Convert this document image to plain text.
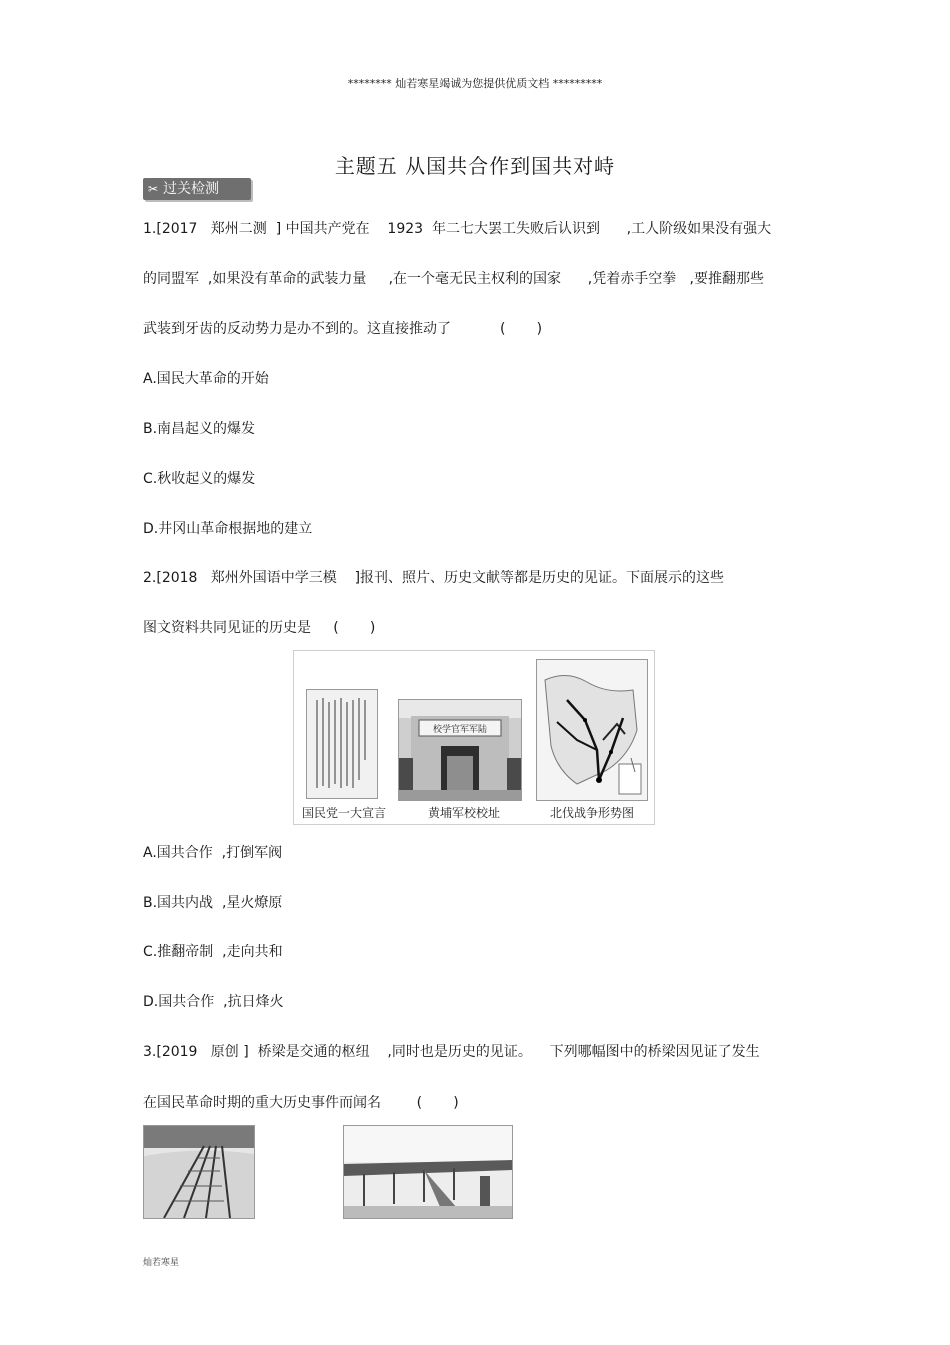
******** 灿若寒星竭诚为您提供优质文档 *********
主题五 从国共合作到国共对峙
✂ 过关检测
1.[2017   郑州二测  ] 中国共产党在    1923  年二七大罢工失败后认识到      ,工人阶级如果没有强大
的同盟军  ,如果没有革命的武装力量     ,在一个毫无民主权利的国家      ,凭着赤手空拳   ,要推翻那些
武装到牙齿的反动势力是办不到的。这直接推动了           (       )
A.国民大革命的开始
B.南昌起义的爆发
C.秋收起义的爆发
D.井冈山革命根据地的建立
2.[2018   郑州外国语中学三模    ]报刊、照片、历史文献等都是历史的见证。下面展示的这些
图文资料共同见证的历史是     (       )
国民党一大宣言
校学官军军陆
黄埔军校校址	北伐战争形势图
A.国共合作  ,打倒军阀
B.国共内战  ,星火燎原
C.推翻帝制  ,走向共和
D.国共合作  ,抗日烽火
3.[2019   原创 ]  桥梁是交通的枢纽    ,同时也是历史的见证。    下列哪幅图中的桥梁因见证了发生
在国民革命时期的重大历史事件而闻名        (       )
灿若寒星
